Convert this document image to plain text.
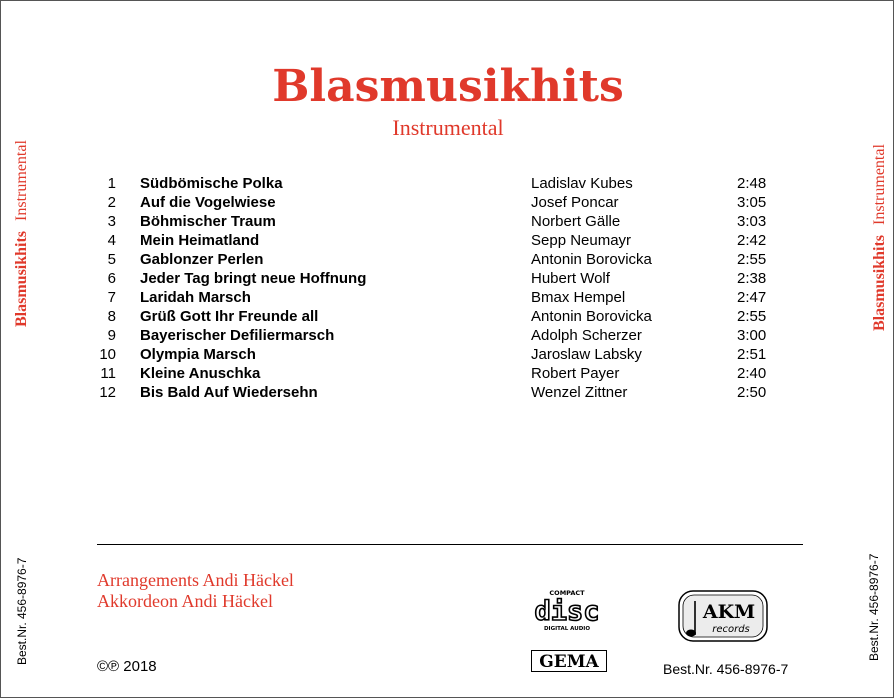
Blasmusikhits
Instrumental
BlasmusikhitsInstrumental
Best.Nr. 456-8976-7
BlasmusikhitsInstrumental
Best.Nr. 456-8976-7
1 Südbömische Polka	Ladislav Kubes	2:48
2 Auf die Vogelwiese	Josef Poncar	3:05
3 Böhmischer Traum	Norbert Gälle	3:03
4 Mein Heimatland	Sepp Neumayr	2:42
5 Gablonzer Perlen	Antonin Borovicka	2:55
6 Jeder Tag bringt neue Hoffnung	Hubert Wolf	2:38
7 Laridah Marsch	Bmax Hempel	2:47
8 Grüß Gott Ihr Freunde all	Antonin Borovicka	2:55
9 Bayerischer Defiliermarsch	Adolph Scherzer	3:00
10 Olympia Marsch	Jaroslaw Labsky	2:51
11 Kleine Anuschka	Robert Payer	2:40
12 Bis Bald Auf Wiedersehn	Wenzel Zittner	2:50
Arrangements Andi Häckel
Akkordeon Andi Häckel	COMPACT
disc
DIGITAL AUDIO
GEMA
AKM
records
©℗ 2018	Best.Nr. 456-8976-7
